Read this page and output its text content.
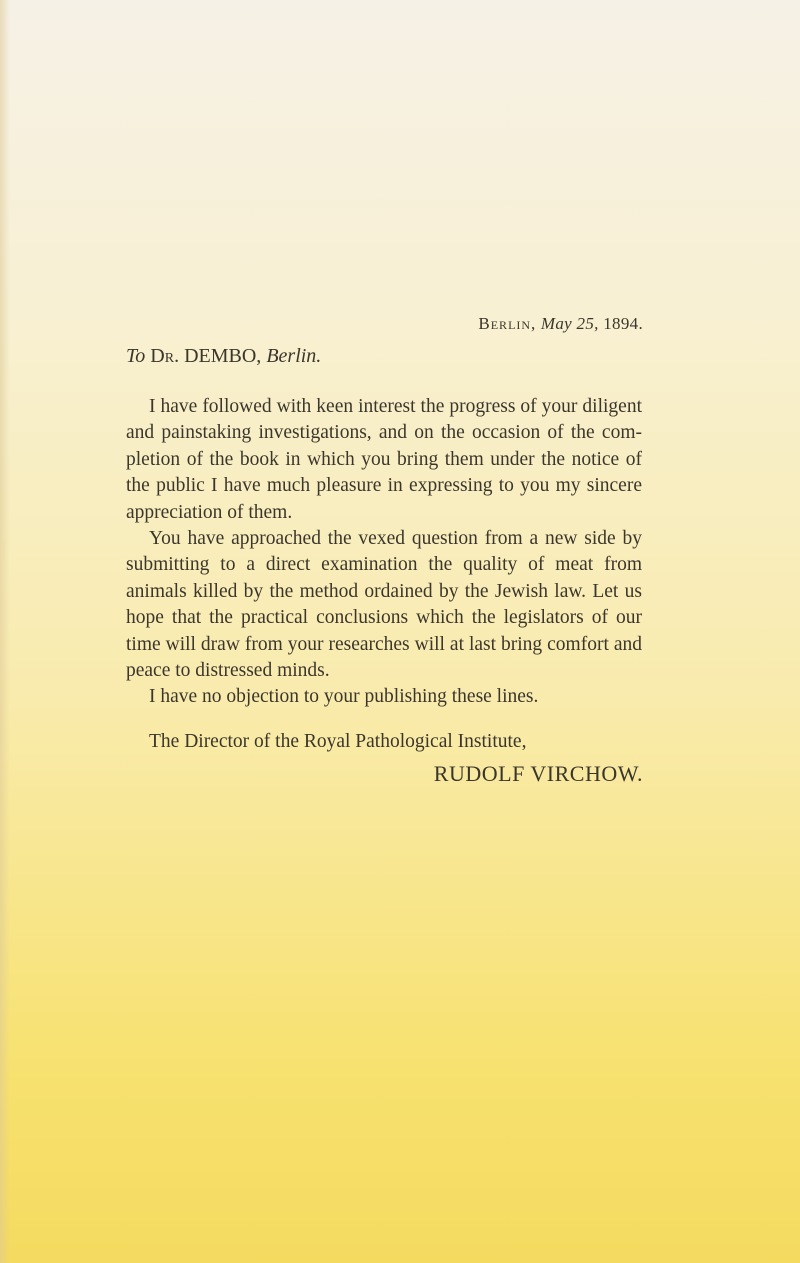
Berlin, May 25, 1894.
To Dr. DEMBO, Berlin.

I have followed with keen interest the progress of your diligent and painstaking investigations, and on the occasion of the completion of the book in which you bring them under the notice of the public I have much pleasure in expressing to you my sincere appreciation of them.

You have approached the vexed question from a new side by submitting to a direct examination the quality of meat from animals killed by the method ordained by the Jewish law. Let us hope that the practical conclusions which the legislators of our time will draw from your researches will at last bring comfort and peace to distressed minds.

I have no objection to your publishing these lines.

The Director of the Royal Pathological Institute,
RUDOLF VIRCHOW.
